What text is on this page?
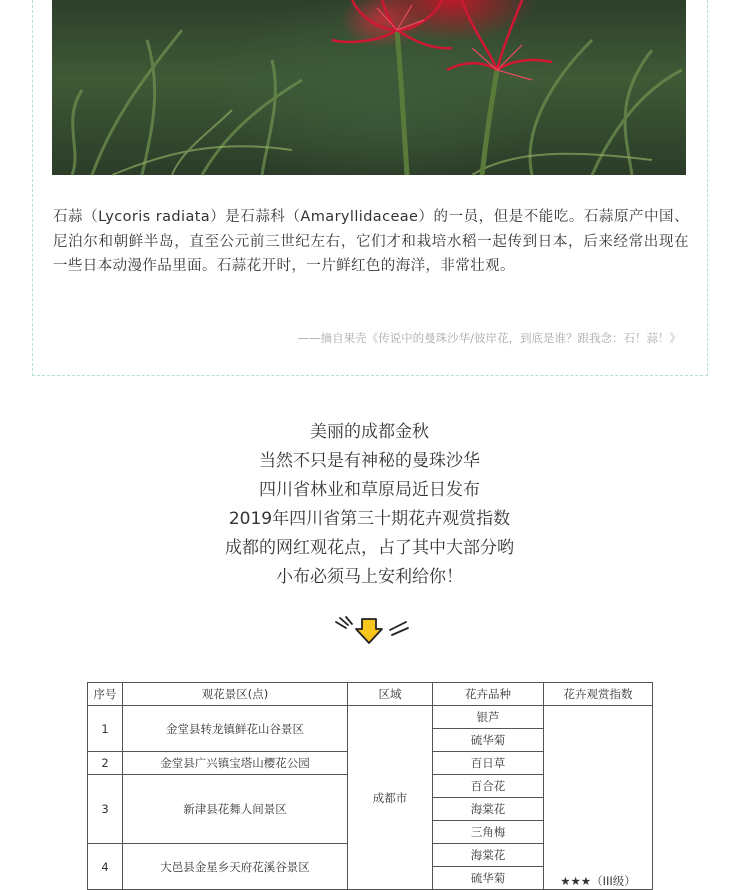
石蒜（Lycoris radiata）是石蒜科（Amaryllidaceae）的一员，但是不能吃。石蒜原产中国、尼泊尔和朝鲜半岛，直至公元前三世纪左右，它们才和栽培水稻一起传到日本，后来经常出现在一些日本动漫作品里面。石蒜花开时，一片鲜红色的海洋，非常壮观。

——摘自果壳《传说中的曼珠沙华/彼岸花，到底是谁？跟我念：石！蒜！》
美丽的成都金秋
当然不只是有神秘的曼珠沙华
四川省林业和草原局近日发布
2019年四川省第三十期花卉观赏指数
成都的网红观花点，占了其中大部分哟
小布必须马上安利给你！
序号	观花景区(点)	区域	花卉品种	花卉观赏指数
1	金堂县转龙镇鲜花山谷景区	成都市	银芦	★★★（III级）
			硫华菊	
2	金堂县广兴镇宝塔山樱花公园		百日草	
3	新津县花舞人间景区		百合花	
			海棠花	
			三角梅	
4	大邑县金星乡天府花溪谷景区		海棠花	
			硫华菊	
